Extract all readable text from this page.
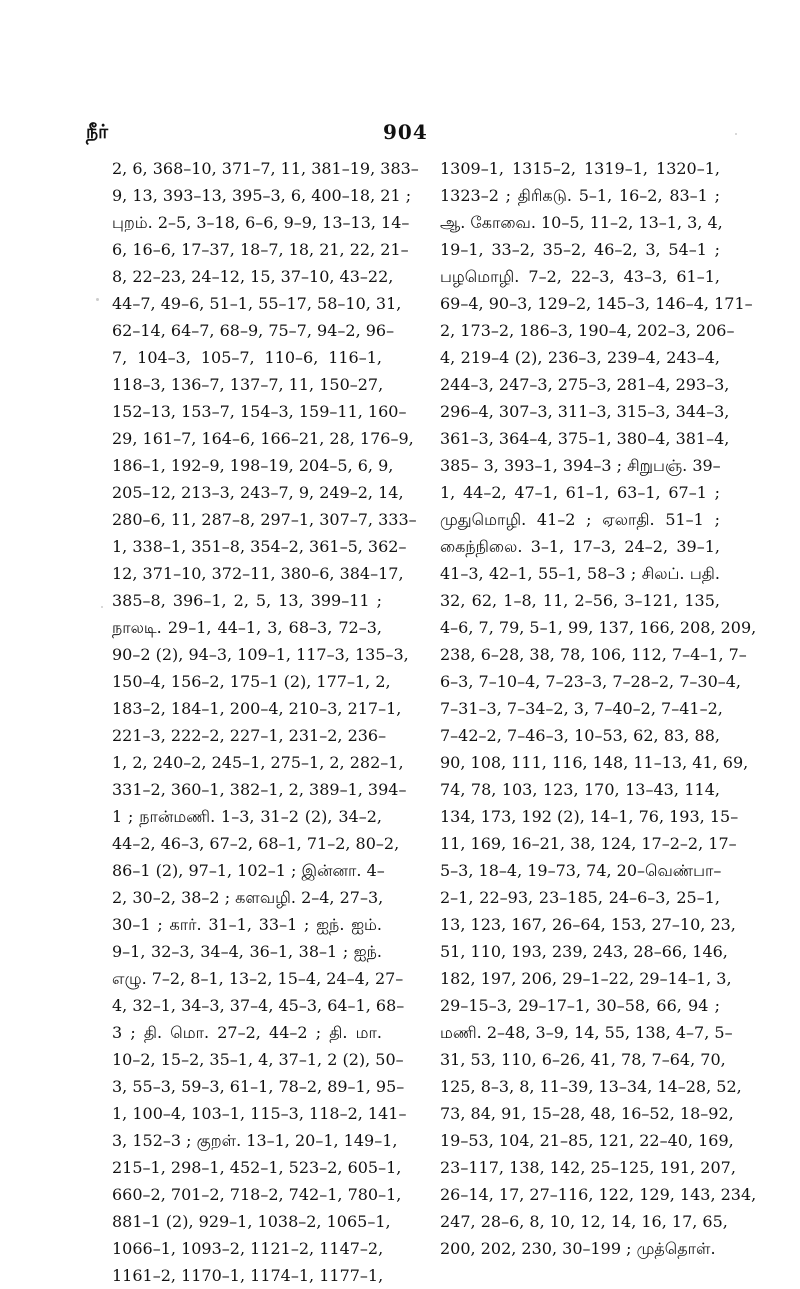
நீர்	904
2, 6, 368–10, 371–7, 11, 381–19, 383–
9, 13, 393–13, 395–3, 6, 400–18, 21 ;
புறம். 2–5, 3–18, 6–6, 9–9, 13–13, 14–
6, 16–6, 17–37, 18–7, 18, 21, 22, 21–
8, 22–23, 24–12, 15, 37–10, 43–22,
44–7, 49–6, 51–1, 55–17, 58–10, 31,
62–14, 64–7, 68–9, 75–7, 94–2, 96–
7, 104–3, 105–7, 110–6, 116–1,
118–3, 136–7, 137–7, 11, 150–27,
152–13, 153–7, 154–3, 159–11, 160–
29, 161–7, 164–6, 166–21, 28, 176–9,
186–1, 192–9, 198–19, 204–5, 6, 9,
205–12, 213–3, 243–7, 9, 249–2, 14,
280–6, 11, 287–8, 297–1, 307–7, 333–
1, 338–1, 351–8, 354–2, 361–5, 362–
12, 371–10, 372–11, 380–6, 384–17,
385–8, 396–1, 2, 5, 13, 399–11 ;
நாலடி. 29–1, 44–1, 3, 68–3, 72–3,
90–2 (2), 94–3, 109–1, 117–3, 135–3,
150–4, 156–2, 175–1 (2), 177–1, 2,
183–2, 184–1, 200–4, 210–3, 217–1,
221–3, 222–2, 227–1, 231–2, 236–
1, 2, 240–2, 245–1, 275–1, 2, 282–1,
331–2, 360–1, 382–1, 2, 389–1, 394–
1 ; நான்மணி. 1–3, 31–2 (2), 34–2,
44–2, 46–3, 67–2, 68–1, 71–2, 80–2,
86–1 (2), 97–1, 102–1 ; இன்னா. 4–
2, 30–2, 38–2 ; களவழி. 2–4, 27–3,
30–1 ; கார். 31–1, 33–1 ; ஐந். ஐம்.
9–1, 32–3, 34–4, 36–1, 38–1 ; ஐந்.
எழு. 7–2, 8–1, 13–2, 15–4, 24–4, 27–
4, 32–1, 34–3, 37–4, 45–3, 64–1, 68–
3 ; தி. மொ. 27–2, 44–2 ; தி. மா.
10–2, 15–2, 35–1, 4, 37–1, 2 (2), 50–
3, 55–3, 59–3, 61–1, 78–2, 89–1, 95–
1, 100–4, 103–1, 115–3, 118–2, 141–
3, 152–3 ; குறள். 13–1, 20–1, 149–1,
215–1, 298–1, 452–1, 523–2, 605–1,
660–2, 701–2, 718–2, 742–1, 780–1,
881–1 (2), 929–1, 1038–2, 1065–1,
1066–1, 1093–2, 1121–2, 1147–2,
1161–2, 1170–1, 1174–1, 1177–1,
1309–1, 1315–2, 1319–1, 1320–1,
1323–2 ; திரிகடு. 5–1, 16–2, 83–1 ;
ஆ. கோவை. 10–5, 11–2, 13–1, 3, 4,
19–1, 33–2, 35–2, 46–2, 3, 54–1 ;
பழமொழி. 7–2, 22–3, 43–3, 61–1,
69–4, 90–3, 129–2, 145–3, 146–4, 171–
2, 173–2, 186–3, 190–4, 202–3, 206–
4, 219–4 (2), 236–3, 239–4, 243–4,
244–3, 247–3, 275–3, 281–4, 293–3,
296–4, 307–3, 311–3, 315–3, 344–3,
361–3, 364–4, 375–1, 380–4, 381–4,
385– 3, 393–1, 394–3 ; சிறுபஞ். 39–
1, 44–2, 47–1, 61–1, 63–1, 67–1 ;
முதுமொழி. 41–2 ; ஏலாதி. 51–1 ;
கைந்நிலை. 3–1, 17–3, 24–2, 39–1,
41–3, 42–1, 55–1, 58–3 ; சிலப். பதி.
32, 62, 1–8, 11, 2–56, 3–121, 135,
4–6, 7, 79, 5–1, 99, 137, 166, 208, 209,
238, 6–28, 38, 78, 106, 112, 7–4–1, 7–
6–3, 7–10–4, 7–23–3, 7–28–2, 7–30–4,
7–31–3, 7–34–2, 3, 7–40–2, 7–41–2,
7–42–2, 7–46–3, 10–53, 62, 83, 88,
90, 108, 111, 116, 148, 11–13, 41, 69,
74, 78, 103, 123, 170, 13–43, 114,
134, 173, 192 (2), 14–1, 76, 193, 15–
11, 169, 16–21, 38, 124, 17–2–2, 17–
5–3, 18–4, 19–73, 74, 20–வெண்பா–
2–1, 22–93, 23–185, 24–6–3, 25–1,
13, 123, 167, 26–64, 153, 27–10, 23,
51, 110, 193, 239, 243, 28–66, 146,
182, 197, 206, 29–1–22, 29–14–1, 3,
29–15–3, 29–17–1, 30–58, 66, 94 ;
மணி. 2–48, 3–9, 14, 55, 138, 4–7, 5–
31, 53, 110, 6–26, 41, 78, 7–64, 70,
125, 8–3, 8, 11–39, 13–34, 14–28, 52,
73, 84, 91, 15–28, 48, 16–52, 18–92,
19–53, 104, 21–85, 121, 22–40, 169,
23–117, 138, 142, 25–125, 191, 207,
26–14, 17, 27–116, 122, 129, 143, 234,
247, 28–6, 8, 10, 12, 14, 16, 17, 65,
200, 202, 230, 30–199 ; முத்தொள்.
